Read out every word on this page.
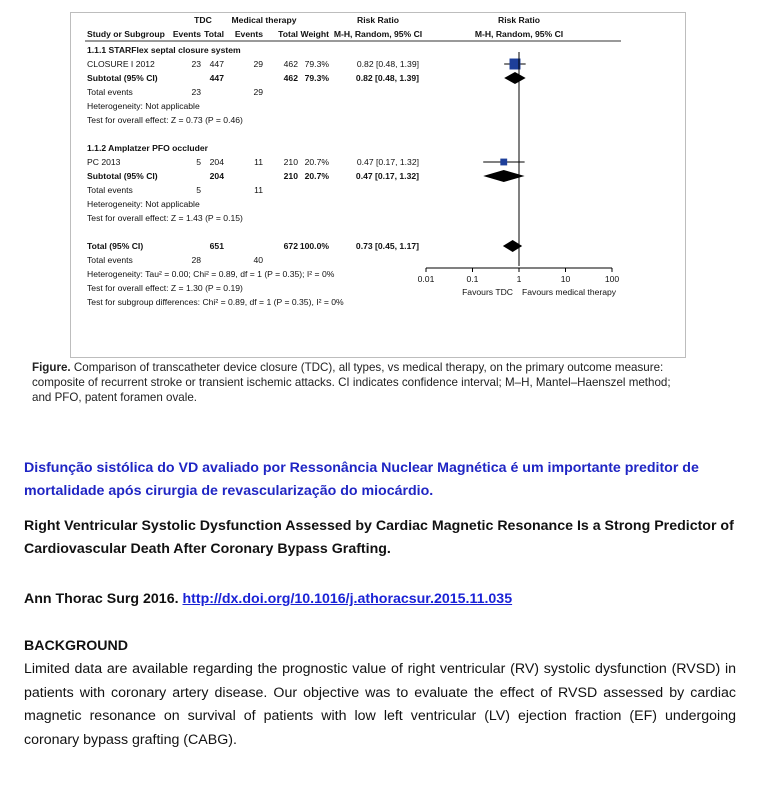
TDC Medical therapy	Risk Ratio	Risk Ratio
Study or Subgroup Events Total Events Total Weight M-H, Random, 95% CI	M-H, Random, 95% CI
1.1.1 STARFlex septal closure system
CLOSURE I 2012	23 447	29 462 79.3%	0.82 [0.48, 1.39]
Subtotal (95% CI)	447	462 79.3%	0.82 [0.48, 1.39]
Total events	23	29
Heterogeneity: Not applicable
Test for overall effect: Z = 0.73 (P = 0.46)
1.1.2 Amplatzer PFO occluder
PC 2013	5 204	11 210 20.7%	0.47 [0.17, 1.32]
Subtotal (95% CI)	204	210 20.7%	0.47 [0.17, 1.32]
Total events	5	11
Heterogeneity: Not applicable
Test for overall effect: Z = 1.43 (P = 0.15)
Total (95% CI)	651	672 100.0%	0.73 [0.45, 1.17]
Total events	28	40
Heterogeneity: Tau² = 0.00; Chi² = 0.89, df = 1 (P = 0.35); I² = 0%
Test for overall effect: Z = 1.30 (P = 0.19)
Test for subgroup differences: Chi² = 0.89, df = 1 (P = 0.35), I² = 0%
0.01	0.1	1	10	100
Favours TDC Favours medical therapy
Figure. Comparison of transcatheter device closure (TDC), all types, vs medical therapy, on the primary outcome measure: composite of recurrent stroke or transient ischemic attacks. CI indicates confidence interval; M–H, Mantel–Haenszel method; and PFO, patent foramen ovale.
Disfunção sistólica do VD avaliado por Ressonância Nuclear Magnética é um importante preditor de mortalidade após cirurgia de revascularização do miocárdio.
Right Ventricular Systolic Dysfunction Assessed by Cardiac Magnetic Resonance Is a Strong Predictor of Cardiovascular Death After Coronary Bypass Grafting.
Ann Thorac Surg 2016. http://dx.doi.org/10.1016/j.athoracsur.2015.11.035
BACKGROUND
Limited data are available regarding the prognostic value of right ventricular (RV) systolic dysfunction (RVSD) in patients with coronary artery disease. Our objective was to evaluate the effect of RVSD assessed by cardiac magnetic resonance on survival of patients with low left ventricular (LV) ejection fraction (EF) undergoing coronary bypass grafting (CABG).
